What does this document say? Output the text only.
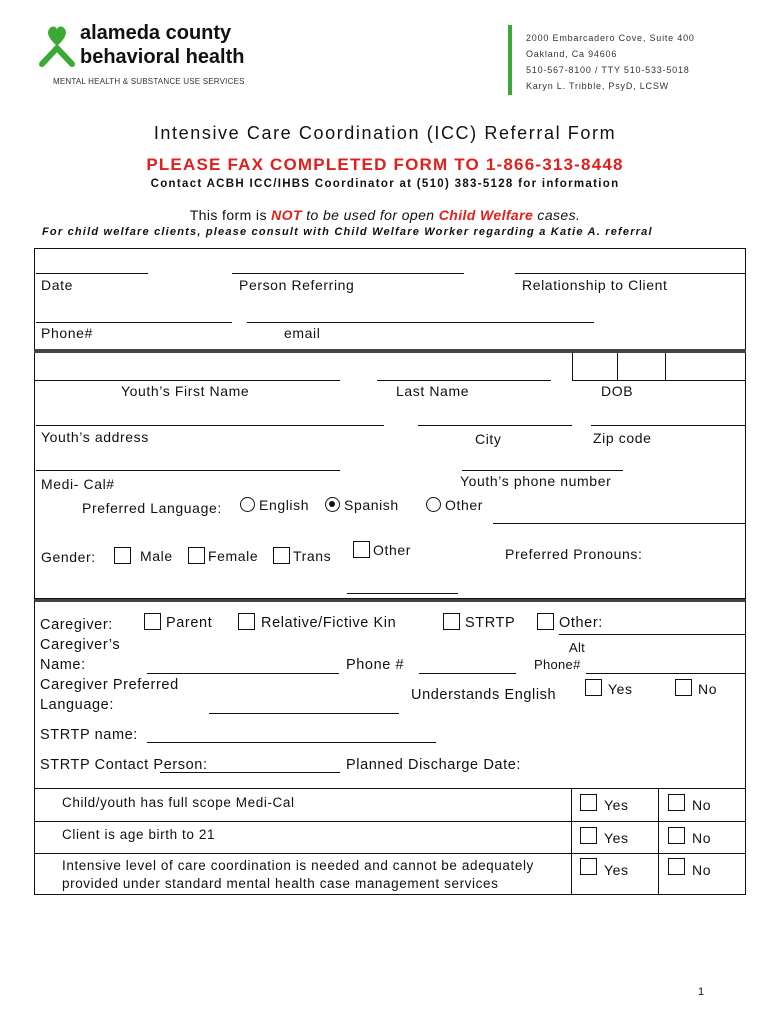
alameda county
behavioral health
MENTAL HEALTH & SUBSTANCE USE SERVICES
2000 Embarcadero Cove, Suite 400
Oakland, Ca 94606
510-567-8100 / TTY 510-533-5018
Karyn L. Tribble, PsyD, LCSW
Intensive Care Coordination (ICC) Referral Form
PLEASE FAX COMPLETED FORM TO 1-866-313-8448
Contact ACBH ICC/IHBS Coordinator at (510) 383-5128 for information
This form is NOT to be used for open Child Welfare cases.
For child welfare clients, please consult with Child Welfare Worker regarding a Katie A. referral
Date	Person Referring	Relationship to Client
Phone#	email
Youth’s First Name	Last Name	DOB
Youth’s address	City	Zip code
Medi- Cal#	Youth’s phone number
Preferred Language:	English Spanish	Other
Gender:	Male	Female Trans	Other	Preferred Pronouns:
Caregiver:	Parent	Relative/Fictive Kin	STRTP	Other:
Caregiver’s
Name:	Phone #
Alt
Phone#
Caregiver Preferred
Language:
Understands English	Yes	No
STRTP name:
STRTP Contact Person:	Planned Discharge Date:
Child/youth has full scope Medi-Cal	Yes	No
Client is age birth to 21	Yes	No
Intensive level of care coordination is needed and cannot be adequately
provided under standard mental health case management services
Yes	No
1
